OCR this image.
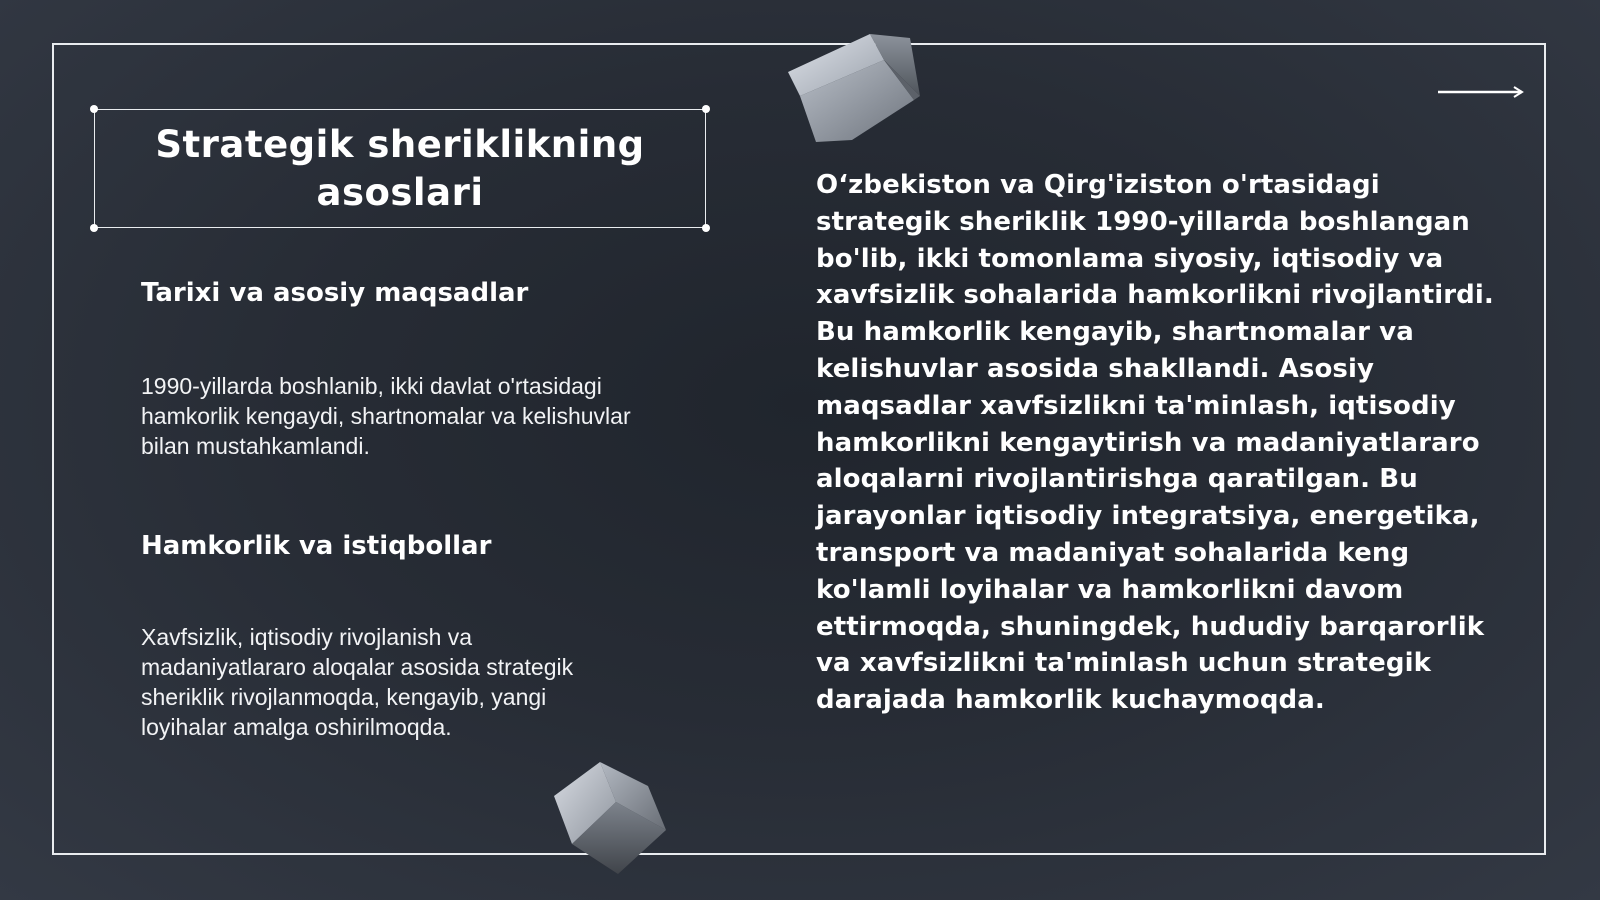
Strategik sheriklikning asoslari
Tarixi va asosiy maqsadlar

1990-yillarda boshlanib, ikki davlat o'rtasidagi hamkorlik kengaydi, shartnomalar va kelishuvlar bilan mustahkamlandi.

Hamkorlik va istiqbollar

Xavfsizlik, iqtisodiy rivojlanish va madaniyatlararo aloqalar asosida strategik sheriklik rivojlanmoqda, kengayib, yangi loyihalar amalga oshirilmoqda.

O‘zbekiston va Qirg'iziston o'rtasidagi strategik sheriklik 1990-yillarda boshlangan bo'lib, ikki tomonlama siyosiy, iqtisodiy va xavfsizlik sohalarida hamkorlikni rivojlantirdi. Bu hamkorlik kengayib, shartnomalar va kelishuvlar asosida shakllandi. Asosiy maqsadlar xavfsizlikni ta'minlash, iqtisodiy hamkorlikni kengaytirish va madaniyatlararo aloqalarni rivojlantirishga qaratilgan. Bu jarayonlar iqtisodiy integratsiya, energetika, transport va madaniyat sohalarida keng ko'lamli loyihalar va hamkorlikni davom ettirmoqda, shuningdek, hududiy barqarorlik va xavfsizlikni ta'minlash uchun strategik darajada hamkorlik kuchaymoqda.
